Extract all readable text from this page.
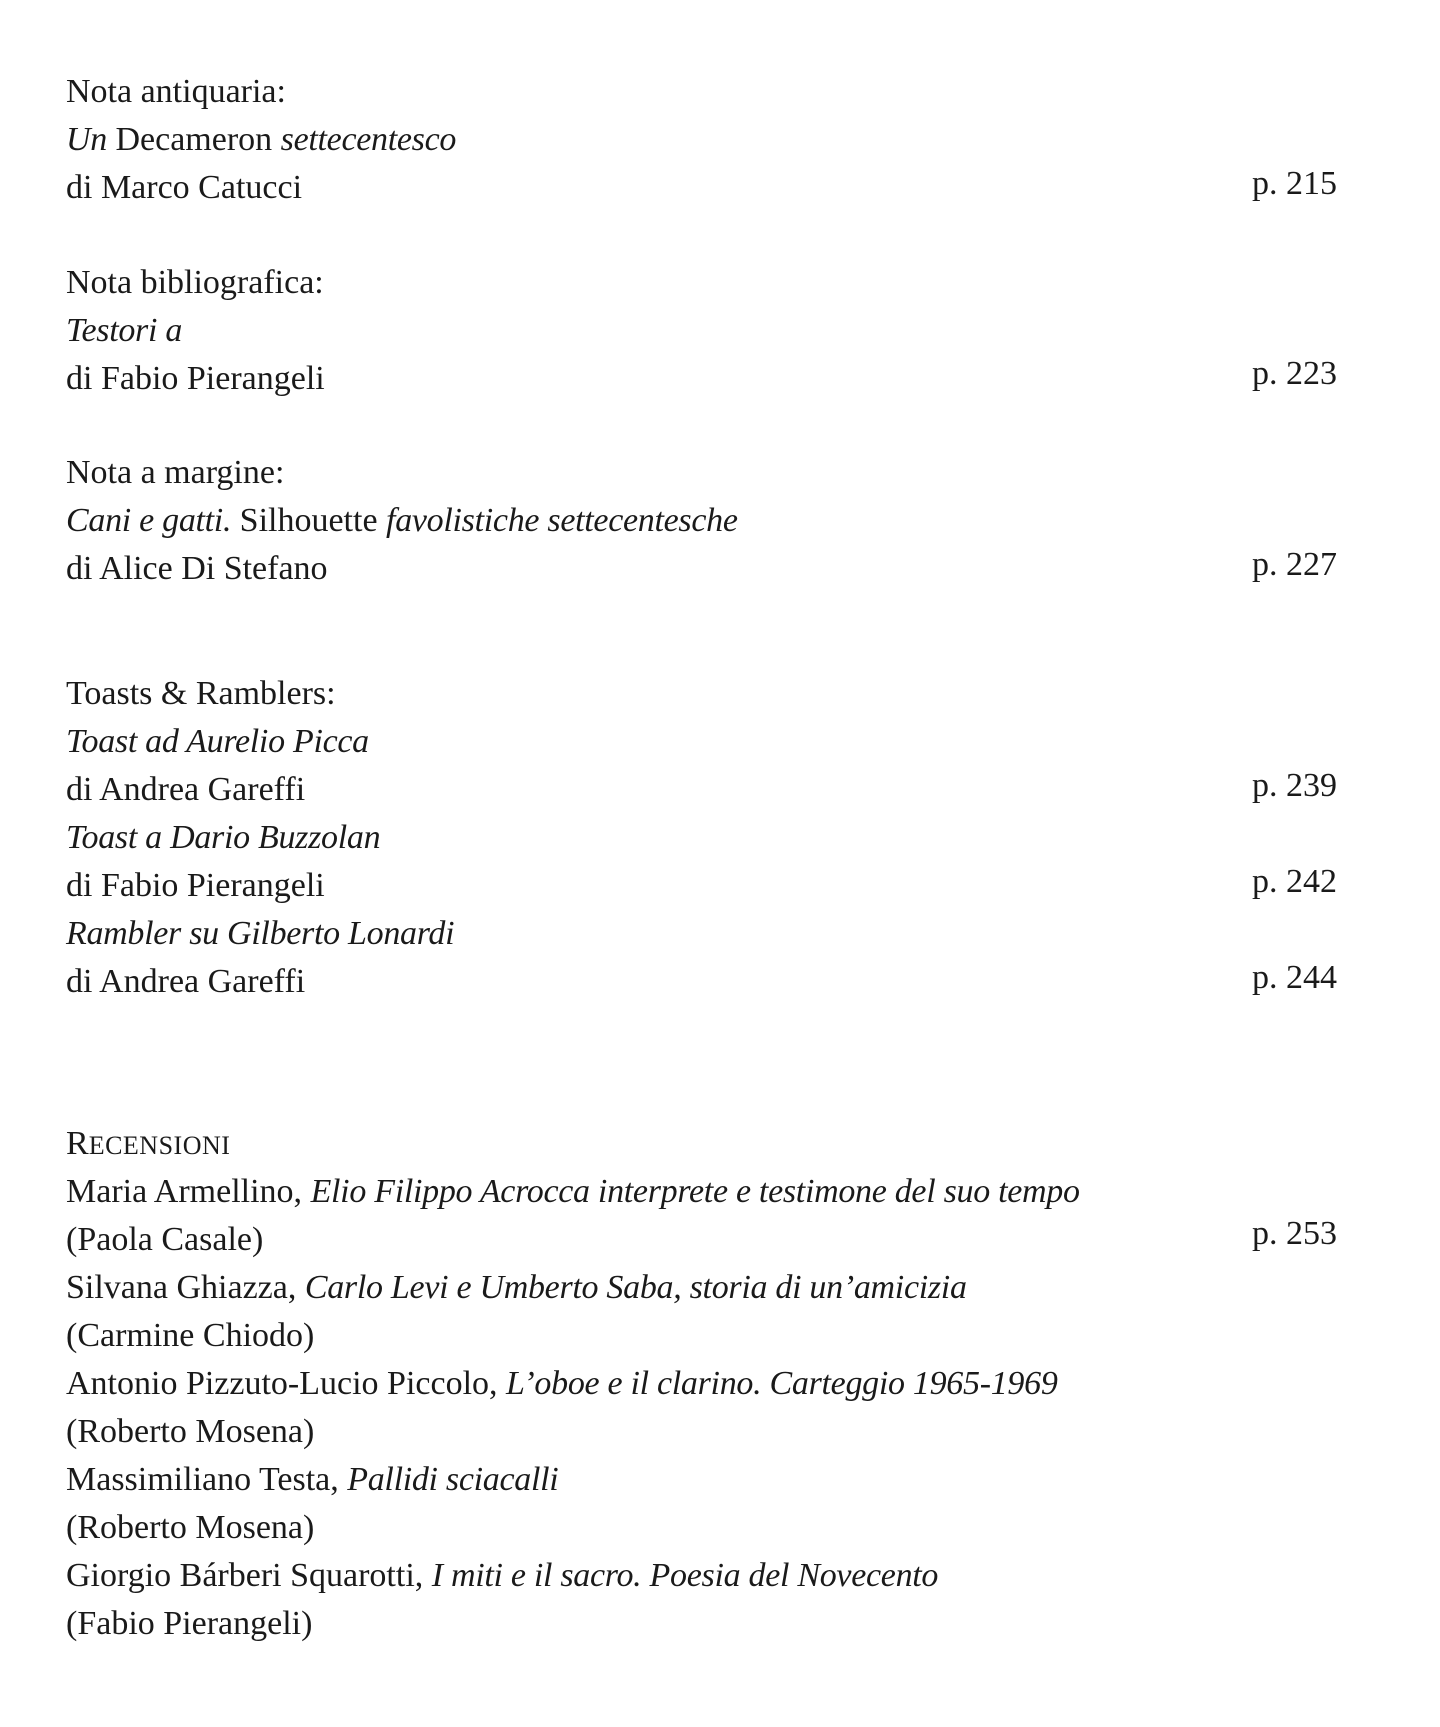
Nota antiquaria:
Un Decameron settecentesco
di Marco Catucci	p. 215
Nota bibliografica:
Testori a
di Fabio Pierangeli	p. 223
Nota a margine:
Cani e gatti. Silhouette favolistiche settecentesche
di Alice Di Stefano	p. 227
Toasts & Ramblers:
Toast ad Aurelio Picca
di Andrea Gareffi	p. 239
Toast a Dario Buzzolan
di Fabio Pierangeli	p. 242
Rambler su Gilberto Lonardi
di Andrea Gareffi	p. 244
RECENSIONI
Maria Armellino, Elio Filippo Acrocca interprete e testimone del suo tempo
(Paola Casale)	p. 253
Silvana Ghiazza, Carlo Levi e Umberto Saba, storia di un’amicizia
(Carmine Chiodo)
Antonio Pizzuto-Lucio Piccolo, L’oboe e il clarino. Carteggio 1965-1969
(Roberto Mosena)
Massimiliano Testa, Pallidi sciacalli
(Roberto Mosena)
Giorgio Bárberi Squarotti, I miti e il sacro. Poesia del Novecento
(Fabio Pierangeli)
